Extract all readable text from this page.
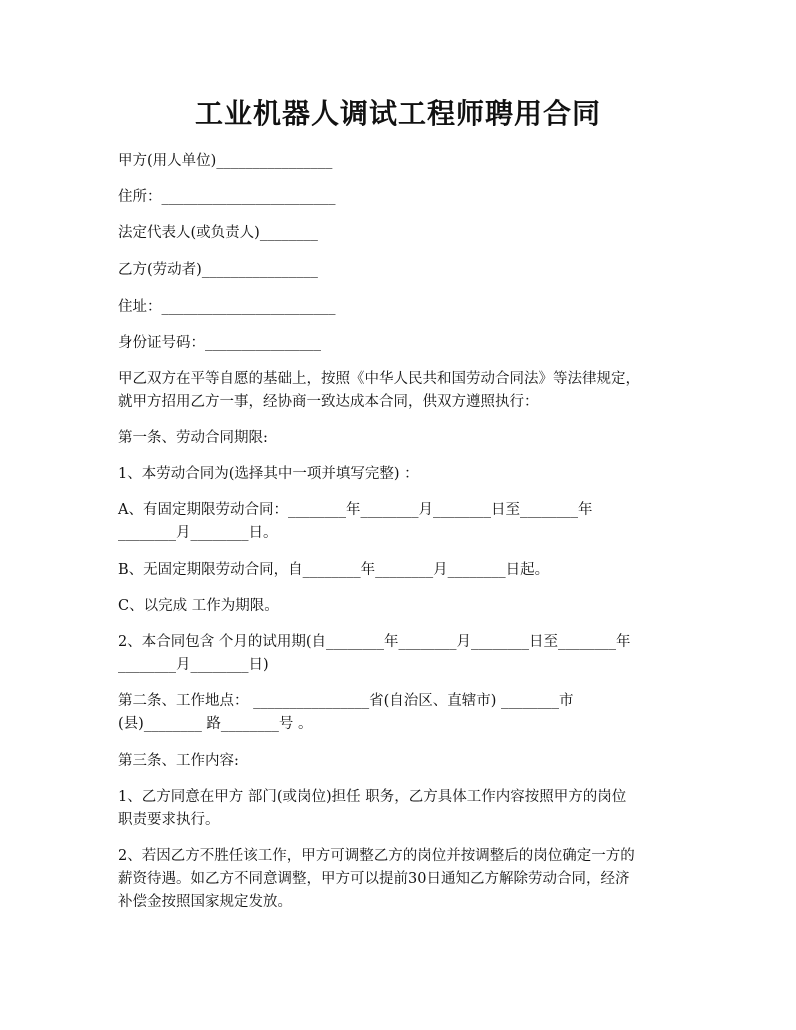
工业机器人调试工程师聘用合同
甲方(用人单位)________________
住所：________________________
法定代表人(或负责人)________
乙方(劳动者)________________
住址：________________________
身份证号码：________________
甲乙双方在平等自愿的基础上，按照《中华人民共和国劳动合同法》等法律规定，
就甲方招用乙方一事，经协商一致达成本合同，供双方遵照执行：
第一条、劳动合同期限:
1、本劳动合同为(选择其中一项并填写完整) ：
A、有固定期限劳动合同：________年________月________日至________年
________月________日。
B、无固定期限劳动合同，自________年________月________日起。
C、以完成 工作为期限。
2、本合同包含 个月的试用期(自________年________月________日至________年
________月________日)
第二条、工作地点： ________________省(自治区、直辖市) ________市
(县)________ 路________号 。
第三条、工作内容:
1、乙方同意在甲方 部门(或岗位)担任 职务，乙方具体工作内容按照甲方的岗位
职责要求执行。
2、若因乙方不胜任该工作，甲方可调整乙方的岗位并按调整后的岗位确定一方的
薪资待遇。如乙方不同意调整，甲方可以提前30日通知乙方解除劳动合同，经济
补偿金按照国家规定发放。
